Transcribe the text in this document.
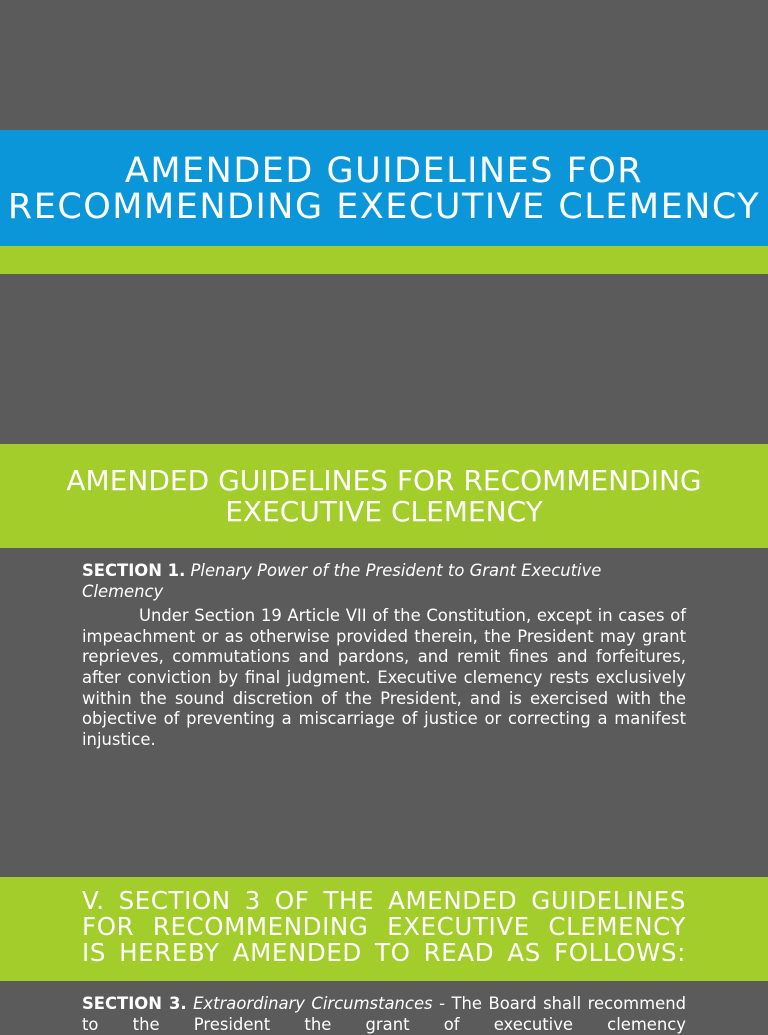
AMENDED GUIDELINES FOR RECOMMENDING EXECUTIVE CLEMENCY
AMENDED GUIDELINES FOR RECOMMENDING EXECUTIVE CLEMENCY
SECTION 1. Plenary Power of the President to Grant Executive Clemency

Under Section 19 Article VII of the Constitution, except in cases of impeachment or as otherwise provided therein, the President may grant reprieves, commutations and pardons, and remit fines and forfeitures, after conviction by final judgment. Executive clemency rests exclusively within the sound discretion of the President, and is exercised with the objective of preventing a miscarriage of justice or correcting a manifest injustice.

V. SECTION 3 OF THE AMENDED GUIDELINES FOR RECOMMENDING EXECUTIVE CLEMENCY IS HEREBY AMENDED TO READ AS FOLLOWS:
SECTION 3. Extraordinary Circumstances - The Board shall recommend to the President the grant of executive clemency
